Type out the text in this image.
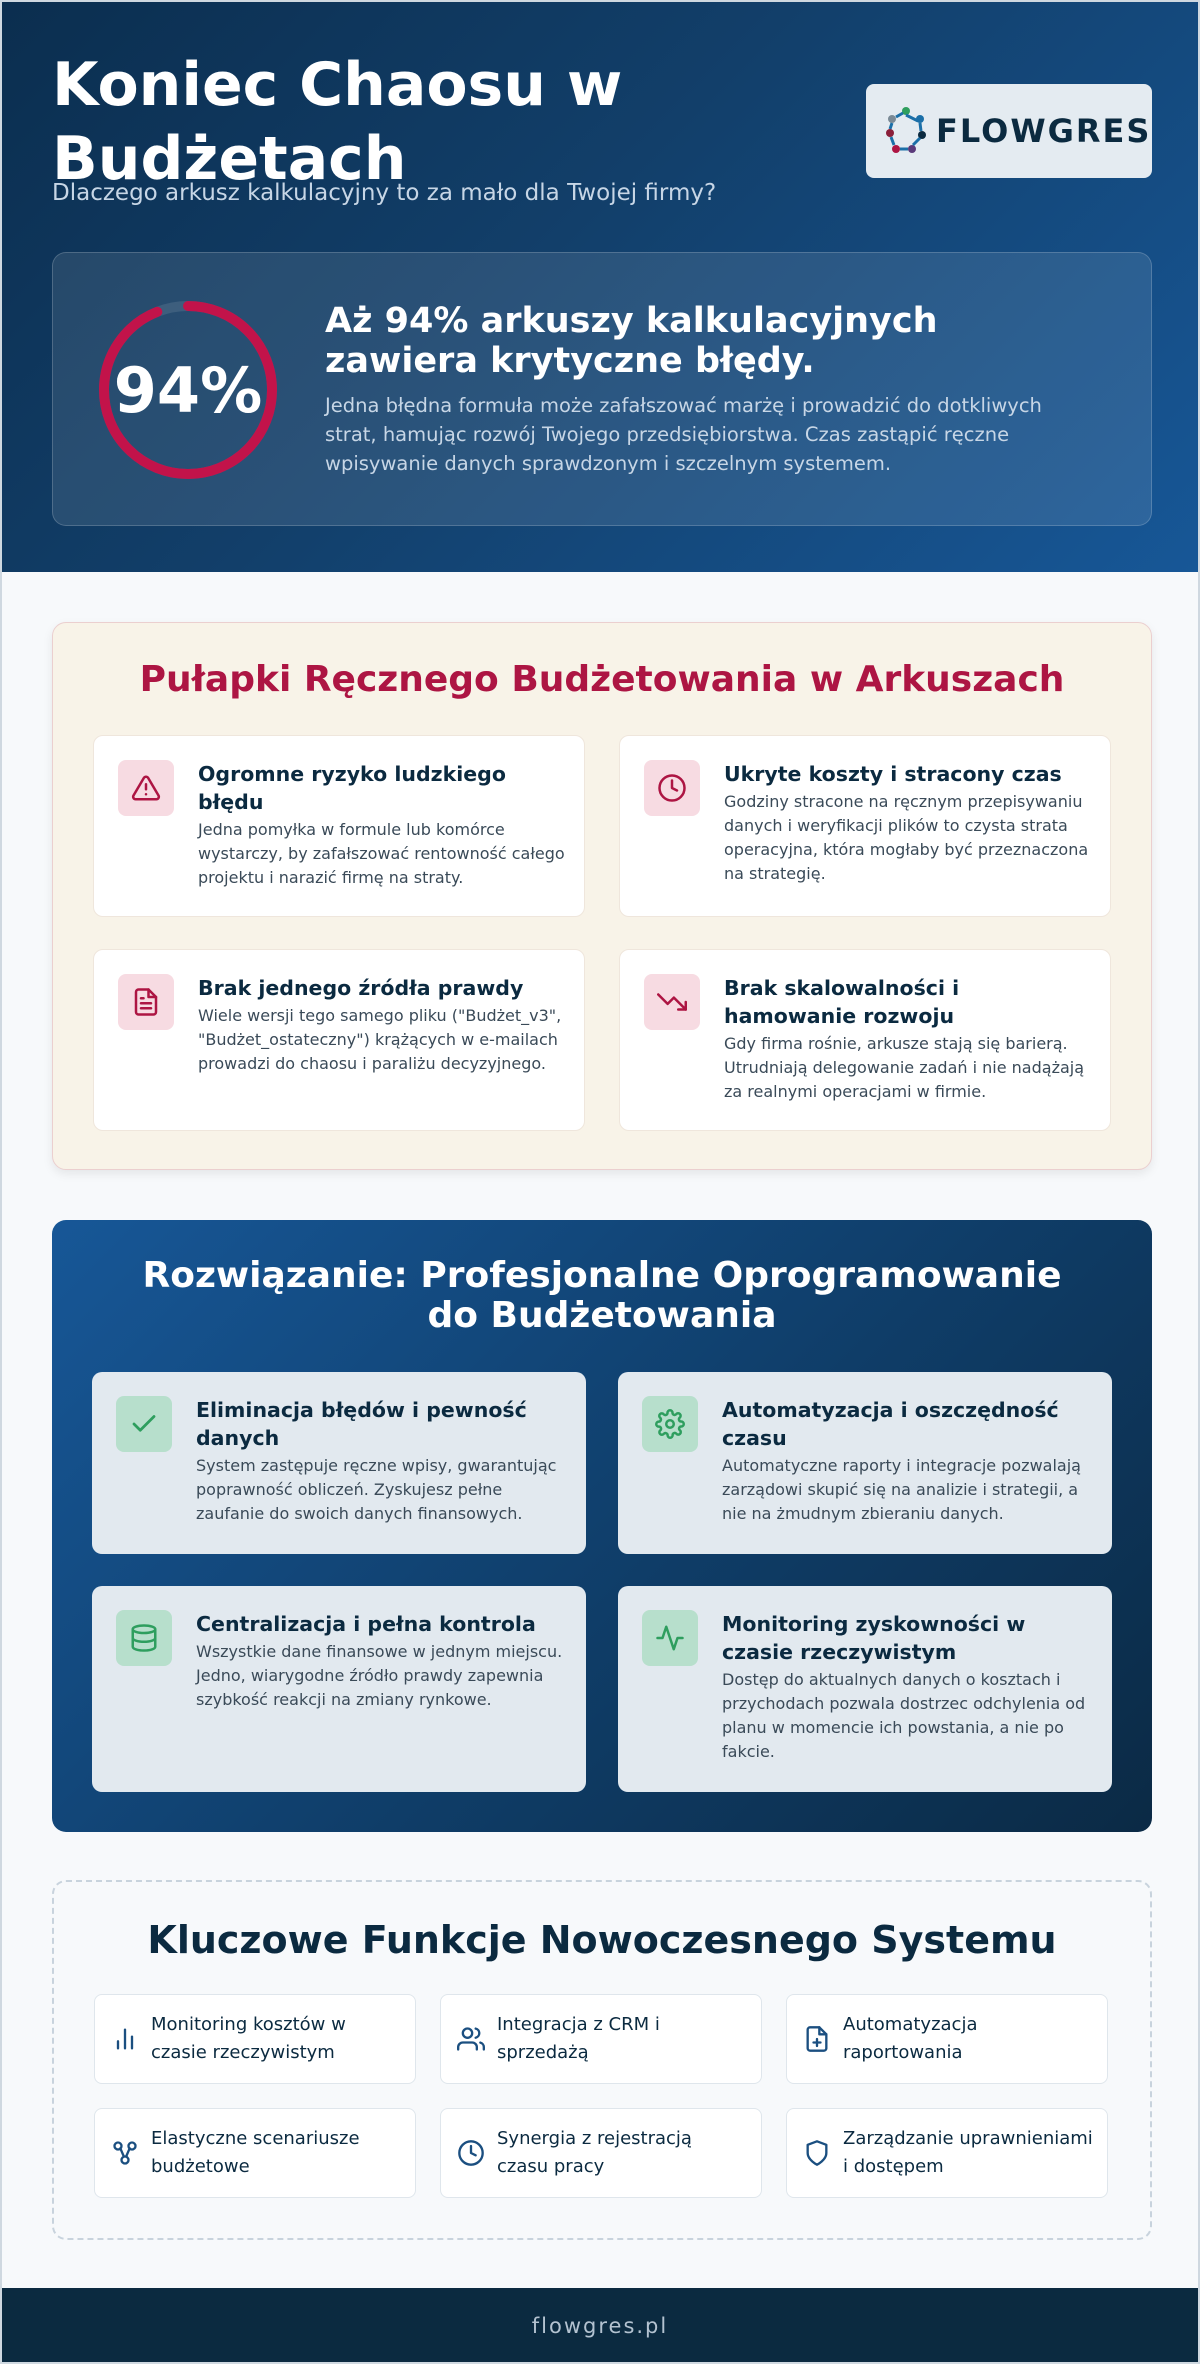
Koniec Chaosu w Budżetach
Dlaczego arkusz kalkulacyjny to za mało dla Twojej firmy?
FLOWGRES
94%
Aż 94% arkuszy kalkulacyjnych zawiera krytyczne błędy.
Jedna błędna formuła może zafałszować marżę i prowadzić do dotkliwych strat, hamując rozwój Twojego przedsiębiorstwa. Czas zastąpić ręczne wpisywanie danych sprawdzonym i szczelnym systemem.
Pułapki Ręcznego Budżetowania w Arkuszach
Ogromne ryzyko ludzkiego błędu
Jedna pomyłka w formule lub komórce wystarczy, by zafałszować rentowność całego projektu i narazić firmę na straty.
Ukryte koszty i stracony czas
Godziny stracone na ręcznym przepisywaniu danych i weryfikacji plików to czysta strata operacyjna, która mogłaby być przeznaczona na strategię.
Brak jednego źródła prawdy
Wiele wersji tego samego pliku ("Budżet_v3", "Budżet_ostateczny") krążących w e-mailach prowadzi do chaosu i paraliżu decyzyjnego.
Brak skalowalności i hamowanie rozwoju
Gdy firma rośnie, arkusze stają się barierą. Utrudniają delegowanie zadań i nie nadążają za realnymi operacjami w firmie.
Rozwiązanie: Profesjonalne Oprogramowanie do Budżetowania
Eliminacja błędów i pewność danych
System zastępuje ręczne wpisy, gwarantując poprawność obliczeń. Zyskujesz pełne zaufanie do swoich danych finansowych.
Automatyzacja i oszczędność czasu
Automatyczne raporty i integracje pozwalają zarządowi skupić się na analizie i strategii, a nie na żmudnym zbieraniu danych.
Centralizacja i pełna kontrola
Wszystkie dane finansowe w jednym miejscu. Jedno, wiarygodne źródło prawdy zapewnia szybkość reakcji na zmiany rynkowe.
Monitoring zyskowności w czasie rzeczywistym
Dostęp do aktualnych danych o kosztach i przychodach pozwala dostrzec odchylenia od planu w momencie ich powstania, a nie po fakcie.
Kluczowe Funkcje Nowoczesnego Systemu
Monitoring kosztów w czasie rzeczywistym
Integracja z CRM i sprzedażą
Automatyzacja raportowania
Elastyczne scenariusze budżetowe
Synergia z rejestracją czasu pracy
Zarządzanie uprawnieniami i dostępem
flowgres.pl
